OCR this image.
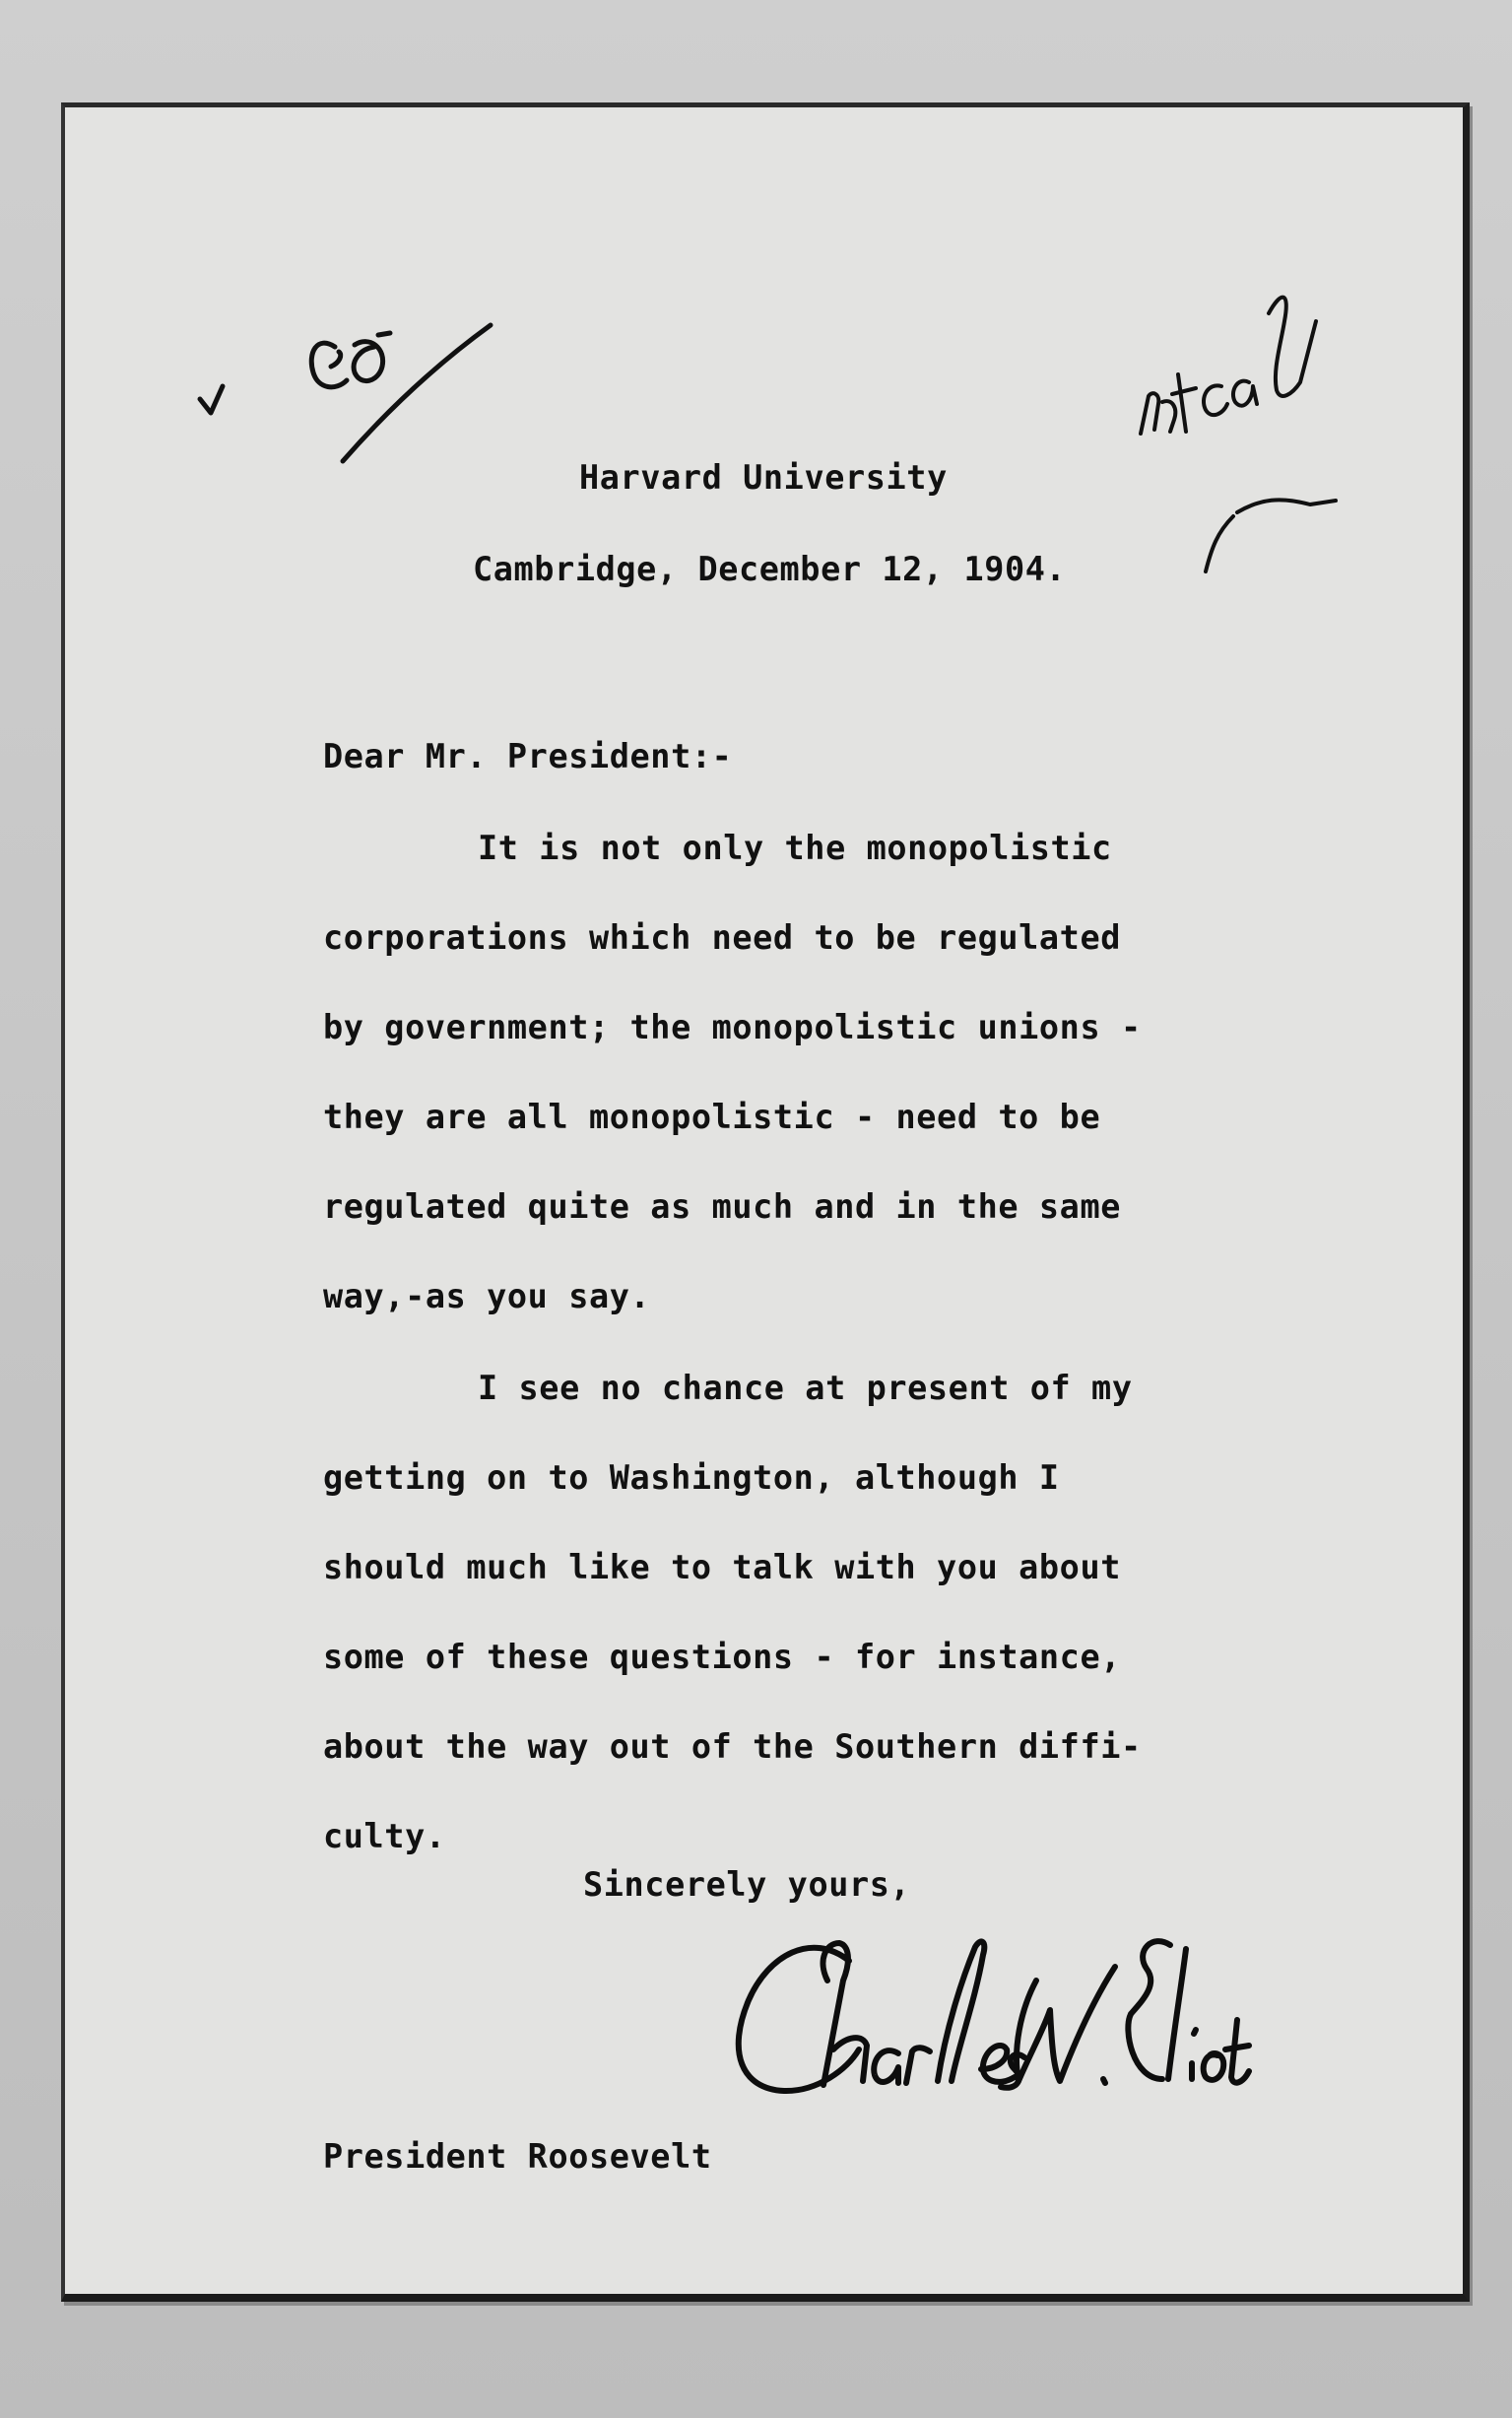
Harvard University
Cambridge, December 12, 1904.
Dear Mr. President:-
It is not only the monopolistic
corporations which need to be regulated
by government; the monopolistic unions -
they are all monopolistic - need to be
regulated quite as much and in the same
way,-as you say.
I see no chance at present of my
getting on to Washington, although I
should much like to talk with you about
some of these questions - for instance,
about the way out of the Southern diffi-
culty.
Sincerely yours,
President Roosevelt
